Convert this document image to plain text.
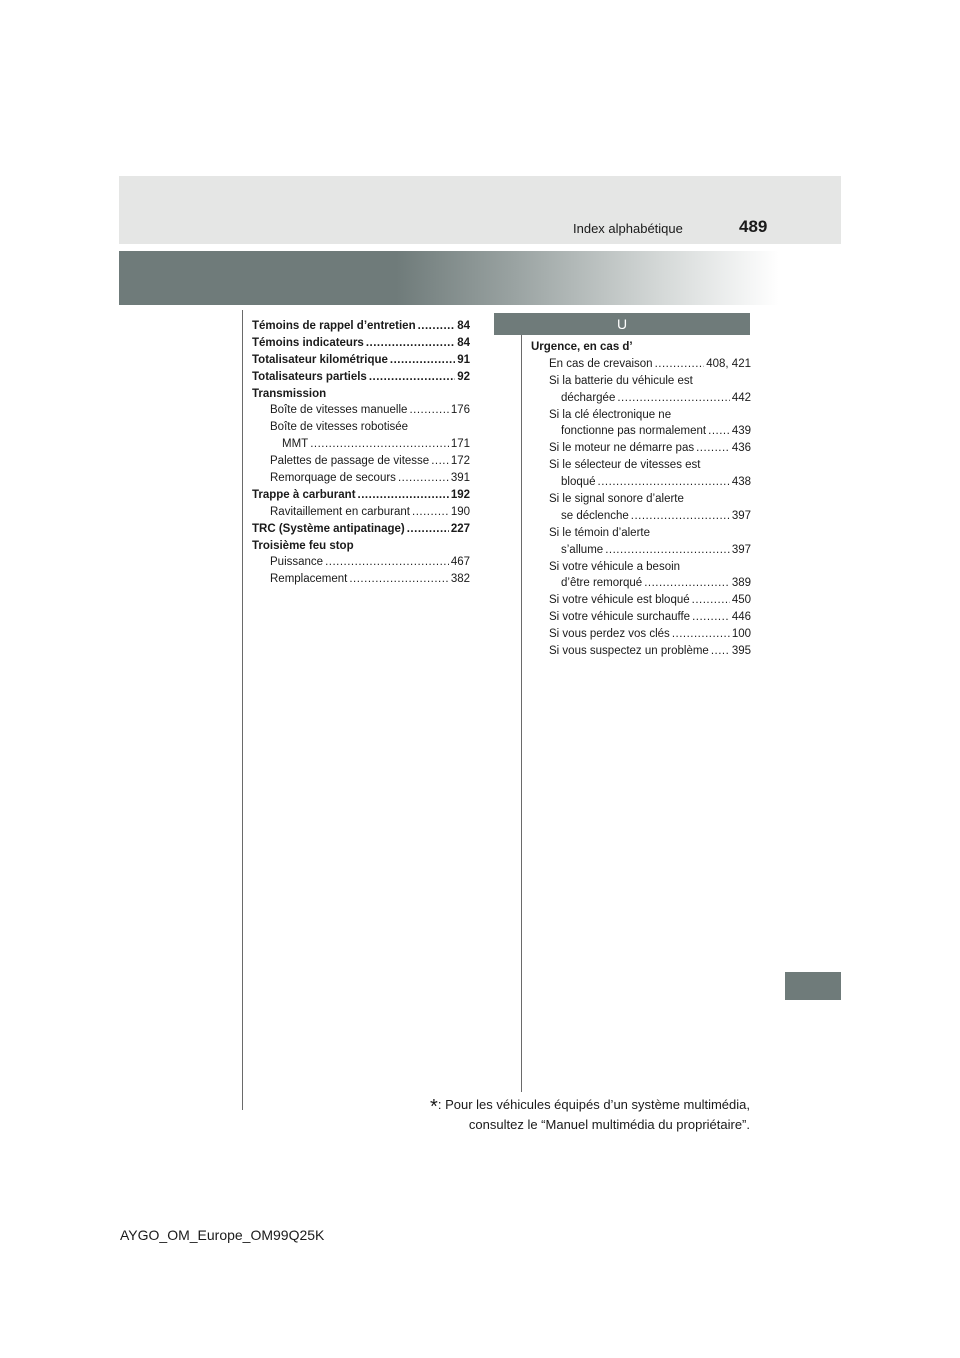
Index alphabétique	489
Témoins de rappel d’entretien .....	84
Témoins indicateurs .....	84
Totalisateur kilométrique .....	91
Totalisateurs partiels .....	92
Transmission
Boîte de vitesses manuelle .....	176
Boîte de vitesses robotisée
MMT .....	171
Palettes de passage de vitesse ..... 172
Remorquage de secours .....	391
Trappe à carburant .....	192
Ravitaillement en carburant .....	190
TRC (Système antipatinage) .....	227
Troisième feu stop
Puissance .....	467
Remplacement .....	382
U
Urgence, en cas d’
En cas de crevaison .....	408, 421
Si la batterie du véhicule est
déchargée .....	442
Si la clé électronique ne
fonctionne pas normalement ..... 439
Si le moteur ne démarre pas .....	436
Si le sélecteur de vitesses est
bloqué .....	438
Si le signal sonore d’alerte
se déclenche .....	397
Si le témoin d’alerte
s’allume .....	397
Si votre véhicule a besoin
d’être remorqué .....	389
Si votre véhicule est bloqué .....	450
Si votre véhicule surchauffe .....	446
Si vous perdez vos clés .....	100
Si vous suspectez un problème ..... 395
*: Pour les véhicules équipés d’un système multimédia,
consultez le “Manuel multimédia du propriétaire”.
AYGO_OM_Europe_OM99Q25K
